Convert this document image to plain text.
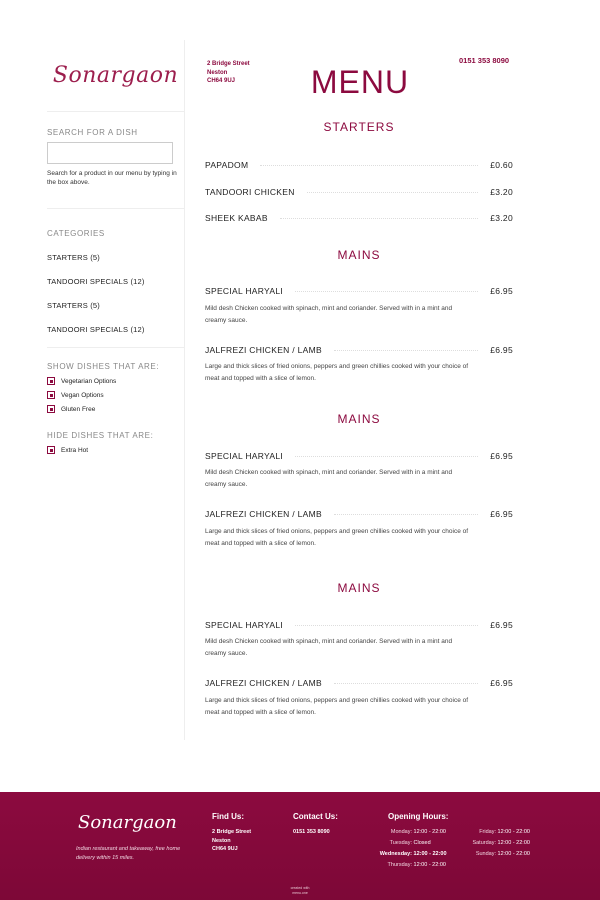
Sonargaon
SEARCH FOR A DISH
Search for a product in our menu by typing in the box above.
CATEGORIES
STARTERS (5)
TANDOORI SPECIALS (12)
STARTERS (5)
TANDOORI SPECIALS (12)
SHOW DISHES THAT ARE:
Vegetarian Options
Vegan Options
Gluten Free
HIDE DISHES THAT ARE:
Extra Hot
2 Bridge Street
Neston
CH64 9UJ	MENU
0151 353 8090
STARTERS
PAPADOM	£0.60
TANDOORI CHICKEN	£3.20
SHEEK KABAB	£3.20
MAINS
SPECIAL HARYALI	£6.95
Mild desh Chicken cooked with spinach, mint and coriander. Served with in a mint and creamy sauce.
JALFREZI CHICKEN / LAMB	£6.95
Large and thick slices of fried onions, peppers and green chillies cooked with your choice of meat and topped with a slice of lemon.
MAINS
SPECIAL HARYALI	£6.95
Mild desh Chicken cooked with spinach, mint and coriander. Served with in a mint and creamy sauce.
JALFREZI CHICKEN / LAMB	£6.95
Large and thick slices of fried onions, peppers and green chillies cooked with your choice of meat and topped with a slice of lemon.
MAINS
SPECIAL HARYALI	£6.95
Mild desh Chicken cooked with spinach, mint and coriander. Served with in a mint and creamy sauce.
JALFREZI CHICKEN / LAMB	£6.95
Large and thick slices of fried onions, peppers and green chillies cooked with your choice of meat and topped with a slice of lemon.
Sonargaon
Indian restaurant and takeaway, free home delivery within 15 miles.
Find Us:
2 Bridge Street
Neston
CH64 9UJ
Contact Us:
0151 353 8090
Opening Hours:
Monday: 12:00 - 22:00
Tuesday: Closed
Wednesday: 12:00 - 22:00
Thursday: 12:00 - 22:00
Friday: 12:00 - 22:00
Saturday: 12:00 - 22:00
Sunday: 12:00 - 22:00
created with
menu.one
